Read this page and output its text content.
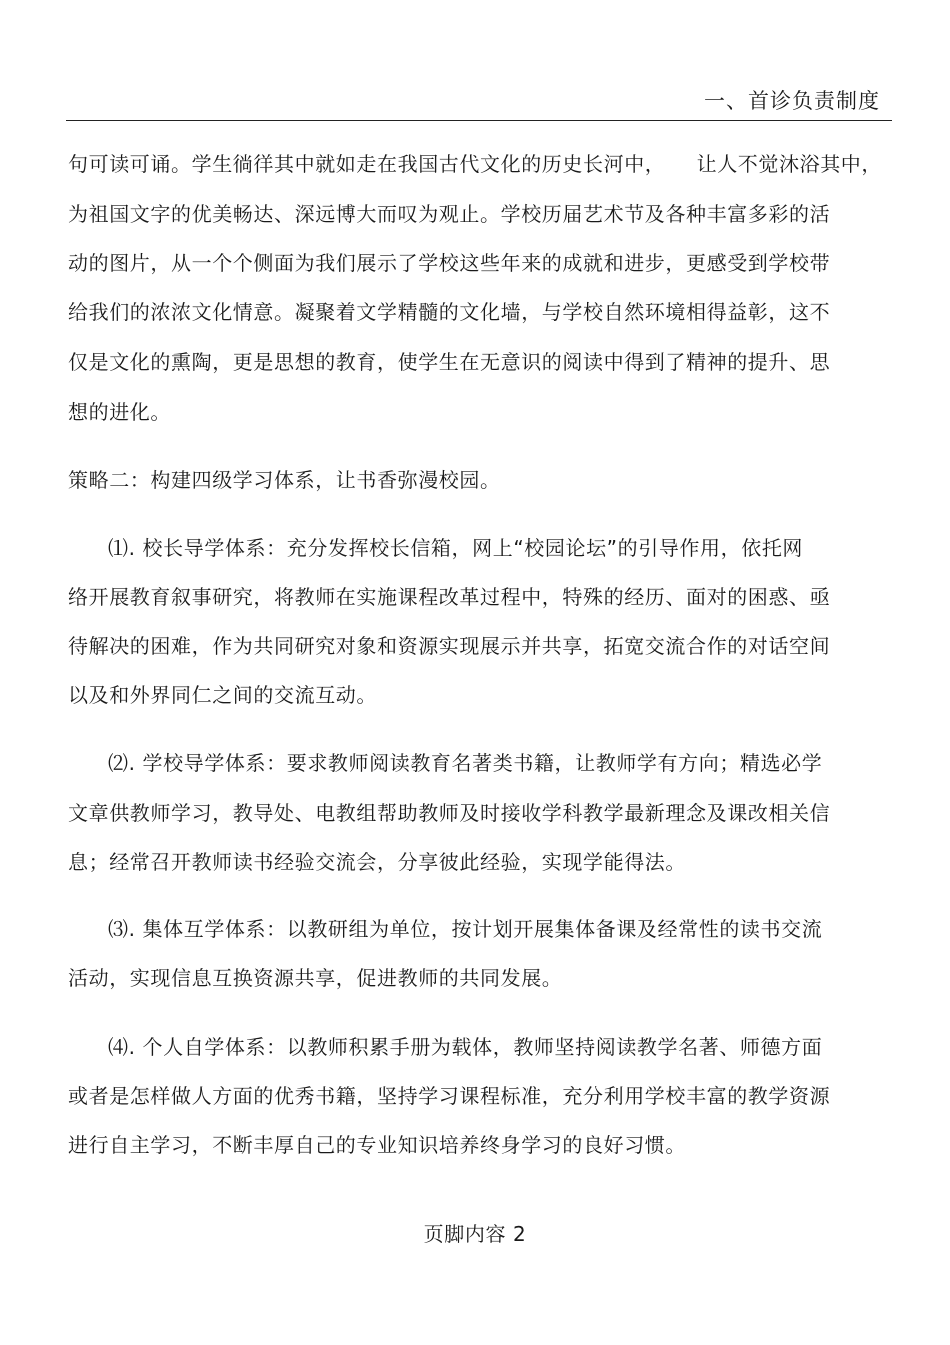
一、首诊负责制度
句可读可诵。学生徜徉其中就如走在我国古代文化的历史长河中，　　让人不觉沐浴其中，
为祖国文字的优美畅达、深远博大而叹为观止。学校历届艺术节及各种丰富多彩的活
动的图片，从一个个侧面为我们展示了学校这些年来的成就和进步，更感受到学校带
给我们的浓浓文化情意。凝聚着文学精髓的文化墙，与学校自然环境相得益彰，这不
仅是文化的熏陶，更是思想的教育，使学生在无意识的阅读中得到了精神的提升、思
想的进化。
策略二：构建四级学习体系，让书香弥漫校园。
⑴. 校长导学体系：充分发挥校长信箱，网上“校园论坛”的引导作用，依托网
络开展教育叙事研究，将教师在实施课程改革过程中，特殊的经历、面对的困惑、亟
待解决的困难，作为共同研究对象和资源实现展示并共享，拓宽交流合作的对话空间
以及和外界同仁之间的交流互动。
⑵. 学校导学体系：要求教师阅读教育名著类书籍，让教师学有方向；精选必学
文章供教师学习，教导处、电教组帮助教师及时接收学科教学最新理念及课改相关信
息；经常召开教师读书经验交流会，分享彼此经验，实现学能得法。
⑶. 集体互学体系：以教研组为单位，按计划开展集体备课及经常性的读书交流
活动，实现信息互换资源共享，促进教师的共同发展。
⑷. 个人自学体系：以教师积累手册为载体，教师坚持阅读教学名著、师德方面
或者是怎样做人方面的优秀书籍，坚持学习课程标准，充分利用学校丰富的教学资源
进行自主学习，不断丰厚自己的专业知识培养终身学习的良好习惯。
页脚内容 2
